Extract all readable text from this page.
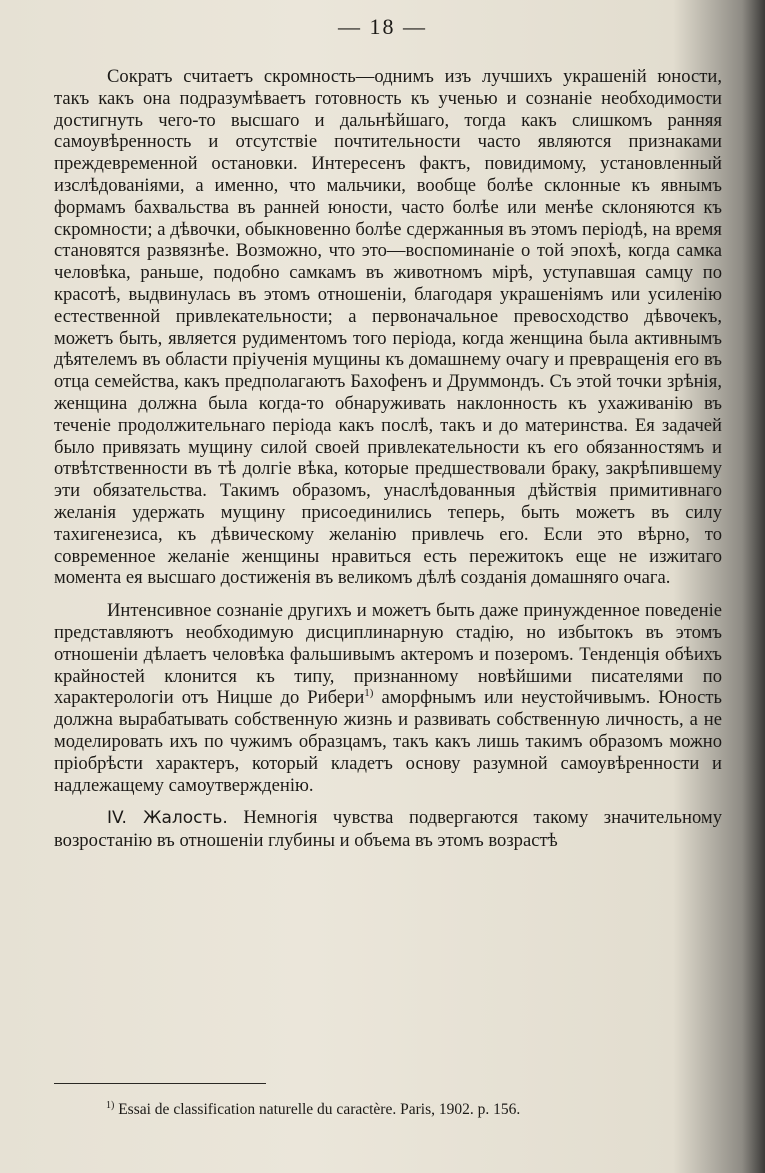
— 18 —

Сократъ считаетъ скромность—однимъ изъ лучшихъ украшеній юности, такъ какъ она подразумѣваетъ готовность къ ученью и сознаніе необходимости достигнуть чего-то высшаго и дальнѣйшаго, тогда какъ слишкомъ ранняя самоувѣренность и отсутствіе почтительности часто являются признаками преждевременной остановки. Интересенъ фактъ, повидимому, установленный изслѣдованіями, а именно, что мальчики, вообще болѣе склонные къ явнымъ формамъ бахвальства въ ранней юности, часто болѣе или менѣе склоняются къ скромности; а дѣвочки, обыкновенно болѣе сдержанныя въ этомъ періодѣ, на время становятся развязнѣе. Возможно, что это—воспоминаніе о той эпохѣ, когда самка человѣка, раньше, подобно самкамъ въ животномъ мірѣ, уступавшая самцу по красотѣ, выдвинулась въ этомъ отношеніи, благодаря украшеніямъ или усиленію естественной привлекательности; а первоначальное превосходство дѣвочекъ, можетъ быть, является рудиментомъ того періода, когда женщина была активнымъ дѣятелемъ въ области пріученія мущины къ домашнему очагу и превращенія его въ отца семейства, какъ предполагаютъ Бахофенъ и Друммондъ. Съ этой точки зрѣнія, женщина должна была когда-то обнаруживать наклонность къ ухаживанію въ теченіе продолжительнаго періода какъ послѣ, такъ и до материнства. Ея задачей было привязать мущину силой своей привлекательности къ его обязанностямъ и отвѣтственности въ тѣ долгіе вѣка, которые предшествовали браку, закрѣпившему эти обязательства. Такимъ образомъ, унаслѣдованныя дѣйствія примитивнаго желанія удержать мущину присоединились теперь, быть можетъ въ силу тахигенезиса, къ дѣвическому желанію привлечь его. Если это вѣрно, то современное желаніе женщины нравиться есть пережитокъ еще не изжитаго момента ея высшаго достиженія въ великомъ дѣлѣ созданія домашняго очага.

Интенсивное сознаніе другихъ и можетъ быть даже принужденное поведеніе представляютъ необходимую дисциплинарную стадію, но избытокъ въ этомъ отношеніи дѣлаетъ человѣка фальшивымъ актеромъ и позеромъ. Тенденція обѣихъ крайностей клонится къ типу, признанному новѣйшими писателями по характерологіи отъ Ницше до Рибери$^{1)}$ аморфнымъ или неустойчивымъ. Юность должна вырабатывать собственную жизнь и развивать собственную личность, а не моделировать ихъ по чужимъ образцамъ, такъ какъ лишь такимъ образомъ можно пріобрѣсти характеръ, который кладетъ основу разумной самоувѣренности и надлежащему самоутвержденію.

IV. Жалость. Немногія чувства подвергаются такому значительному возростанію въ отношеніи глубины и объема въ этомъ возрастѣ

$^{1)}$ Essai de classification naturelle du caractère. Paris, 1902. p. 156.
